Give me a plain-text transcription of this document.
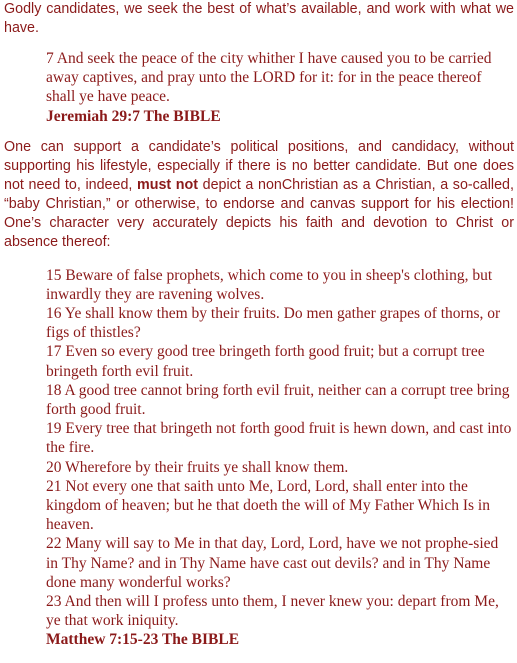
Godly candidates, we seek the best of what’s available, and work with what we have.

7 And seek the peace of the city whither I have caused you to be carried away captives, and pray unto the LORD for it: for in the peace thereof shall ye have peace.
Jeremiah 29:7 The BIBLE

One can support a candidate’s political positions, and candidacy, without supporting his lifestyle, especially if there is no better candidate. But one does not need to, indeed, must not depict a nonChristian as a Christian, a so-called, “baby Christian,” or otherwise, to endorse and canvas support for his election! One’s character very accurately depicts his faith and devotion to Christ or absence thereof:

15 Beware of false prophets, which come to you in sheep's clothing, but inwardly they are ravening wolves.
16 Ye shall know them by their fruits. Do men gather grapes of thorns, or figs of thistles?
17 Even so every good tree bringeth forth good fruit; but a corrupt tree bringeth forth evil fruit.
18 A good tree cannot bring forth evil fruit, neither can a corrupt tree bring forth good fruit.
19 Every tree that bringeth not forth good fruit is hewn down, and cast into the fire.
20 Wherefore by their fruits ye shall know them.
21 Not every one that saith unto Me, Lord, Lord, shall enter into the kingdom of heaven; but he that doeth the will of My Father Which Is in heaven.
22 Many will say to Me in that day, Lord, Lord, have we not prophe-sied in Thy Name? and in Thy Name have cast out devils? and in Thy Name done many wonderful works?
23 And then will I profess unto them, I never knew you: depart from Me, ye that work iniquity.
Matthew 7:15-23 The BIBLE
